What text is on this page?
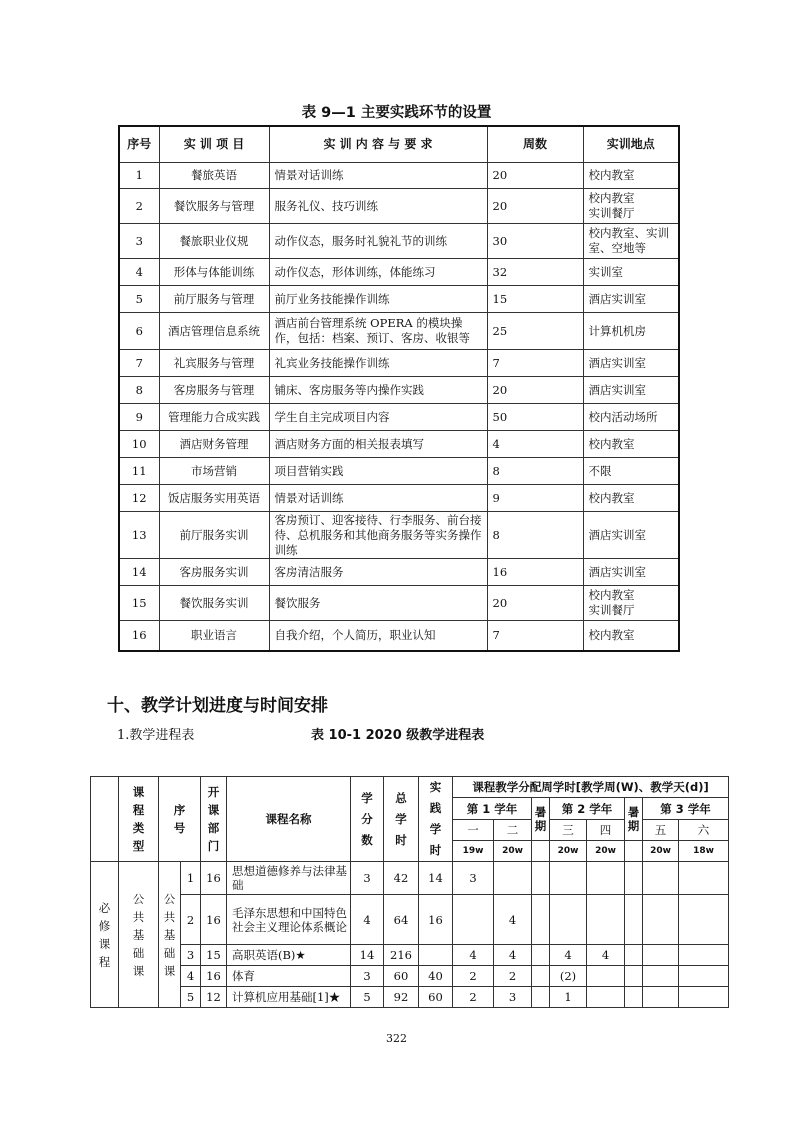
表 9—1 主要实践环节的设置
序号	实 训 项 目	实 训 内 容 与 要 求	周数	实训地点
1	餐旅英语	情景对话训练	20	校内教室
2	餐饮服务与管理	服务礼仪、技巧训练	20	校内教室
实训餐厅
3	餐旅职业仪规	动作仪态，服务时礼貌礼节的训练	30	校内教室、实训室、空地等
4	形体与体能训练	动作仪态，形体训练，体能练习	32	实训室
5	前厅服务与管理	前厅业务技能操作训练	15	酒店实训室
6	酒店管理信息系统	酒店前台管理系统 OPERA 的模块操作，包括：档案、预订、客房、收银等	25	计算机机房
7	礼宾服务与管理	礼宾业务技能操作训练	7	酒店实训室
8	客房服务与管理	铺床、客房服务等内操作实践	20	酒店实训室
9	管理能力合成实践	学生自主完成项目内容	50	校内活动场所
10	酒店财务管理	酒店财务方面的相关报表填写	4	校内教室
11	市场营销	项目营销实践	8	不限
12	饭店服务实用英语	情景对话训练	9	校内教室
13	前厅服务实训	客房预订、迎客接待、行李服务、前台接待、总机服务和其他商务服务等实务操作训练	8	酒店实训室
14	客房服务实训	客房清洁服务	16	酒店实训室
15	餐饮服务实训	餐饮服务	20	校内教室
实训餐厅
16	职业语言	自我介绍，个人简历，职业认知	7	校内教室
十、教学计划进度与时间安排
1.教学进程表	表 10-1 2020 级教学进程表
	课
程
类
型	序
号		开
课
部
门	课程名称	学
分
数	总
学
时	实
践
学
时	课程教学分配周学时[教学周(W)、教学天(d)]							
									第 1 学年		暑
期	第 2 学年		暑
期	第 3 学年	
									一	二		三	四		五	六
									19w	20w		20w	20w		20w	18w
必
修
课
程	公
共
基
础
课	公
共
基
础
课	1	16	思想道德修养与法律基础	3	42	14	3							
			2	16	毛泽东思想和中国特色社会主义理论体系概论	4	64	16		4						
			3	15	高职英语(B)★	14	216		4	4		4	4			
			4	16	体育	3	60	40	2	2		(2)				
			5	12	计算机应用基础[1]★	5	92	60	2	3		1				
322
